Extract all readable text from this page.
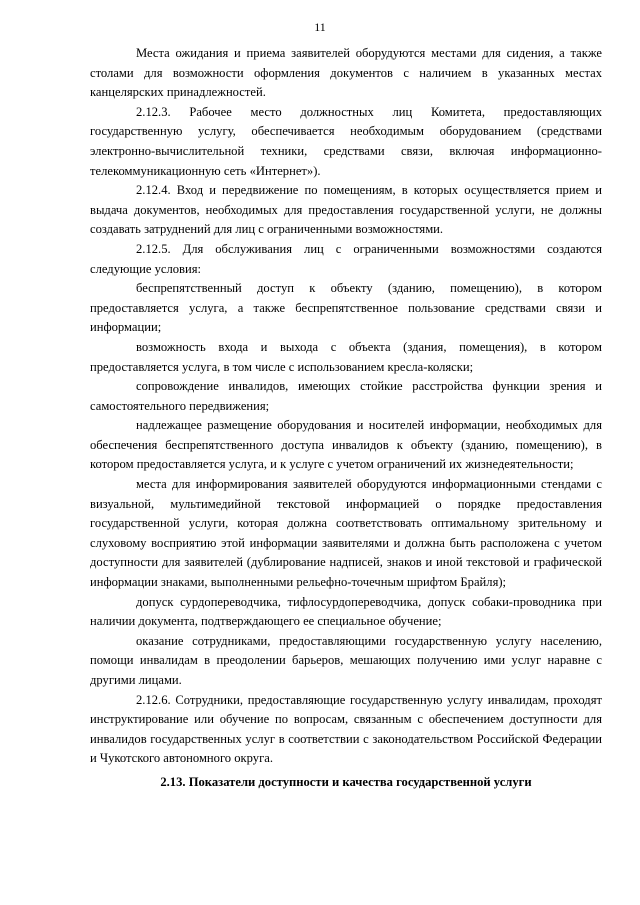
11

Места ожидания и приема заявителей оборудуются местами для сидения, а также столами для возможности оформления документов с наличием в указанных местах канцелярских принадлежностей.

2.12.3. Рабочее место должностных лиц Комитета, предоставляющих государственную услугу, обеспечивается необходимым оборудованием (средствами электронно-вычислительной техники, средствами связи, включая информационно-телекоммуникационную сеть «Интернет»).

2.12.4. Вход и передвижение по помещениям, в которых осуществляется прием и выдача документов, необходимых для предоставления государственной услуги, не должны создавать затруднений для лиц с ограниченными возможностями.

2.12.5. Для обслуживания лиц с ограниченными возможностями создаются следующие условия:

беспрепятственный доступ к объекту (зданию, помещению), в котором предоставляется услуга, а также беспрепятственное пользование средствами связи и информации;

возможность входа и выхода с объекта (здания, помещения), в котором предоставляется услуга, в том числе с использованием кресла-коляски;

сопровождение инвалидов, имеющих стойкие расстройства функции зрения и самостоятельного передвижения;

надлежащее размещение оборудования и носителей информации, необходимых для обеспечения беспрепятственного доступа инвалидов к объекту (зданию, помещению), в котором предоставляется услуга, и к услуге с учетом ограничений их жизнедеятельности;

места для информирования заявителей оборудуются информационными стендами с визуальной, мультимедийной текстовой информацией о порядке предоставления государственной услуги, которая должна соответствовать оптимальному зрительному и слуховому восприятию этой информации заявителями и должна быть расположена с учетом доступности для заявителей (дублирование надписей, знаков и иной текстовой и графической информации знаками, выполненными рельефно-точечным шрифтом Брайля);

допуск сурдопереводчика, тифлосурдопереводчика, допуск собаки-проводника при наличии документа, подтверждающего ее специальное обучение;

оказание сотрудниками, предоставляющими государственную услугу населению, помощи инвалидам в преодолении барьеров, мешающих получению ими услуг наравне с другими лицами.

2.12.6. Сотрудники, предоставляющие государственную услугу инвалидам, проходят инструктирование или обучение по вопросам, связанным с обеспечением доступности для инвалидов государственных услуг в соответствии с законодательством Российской Федерации и Чукотского автономного округа.

2.13. Показатели доступности и качества государственной услуги
